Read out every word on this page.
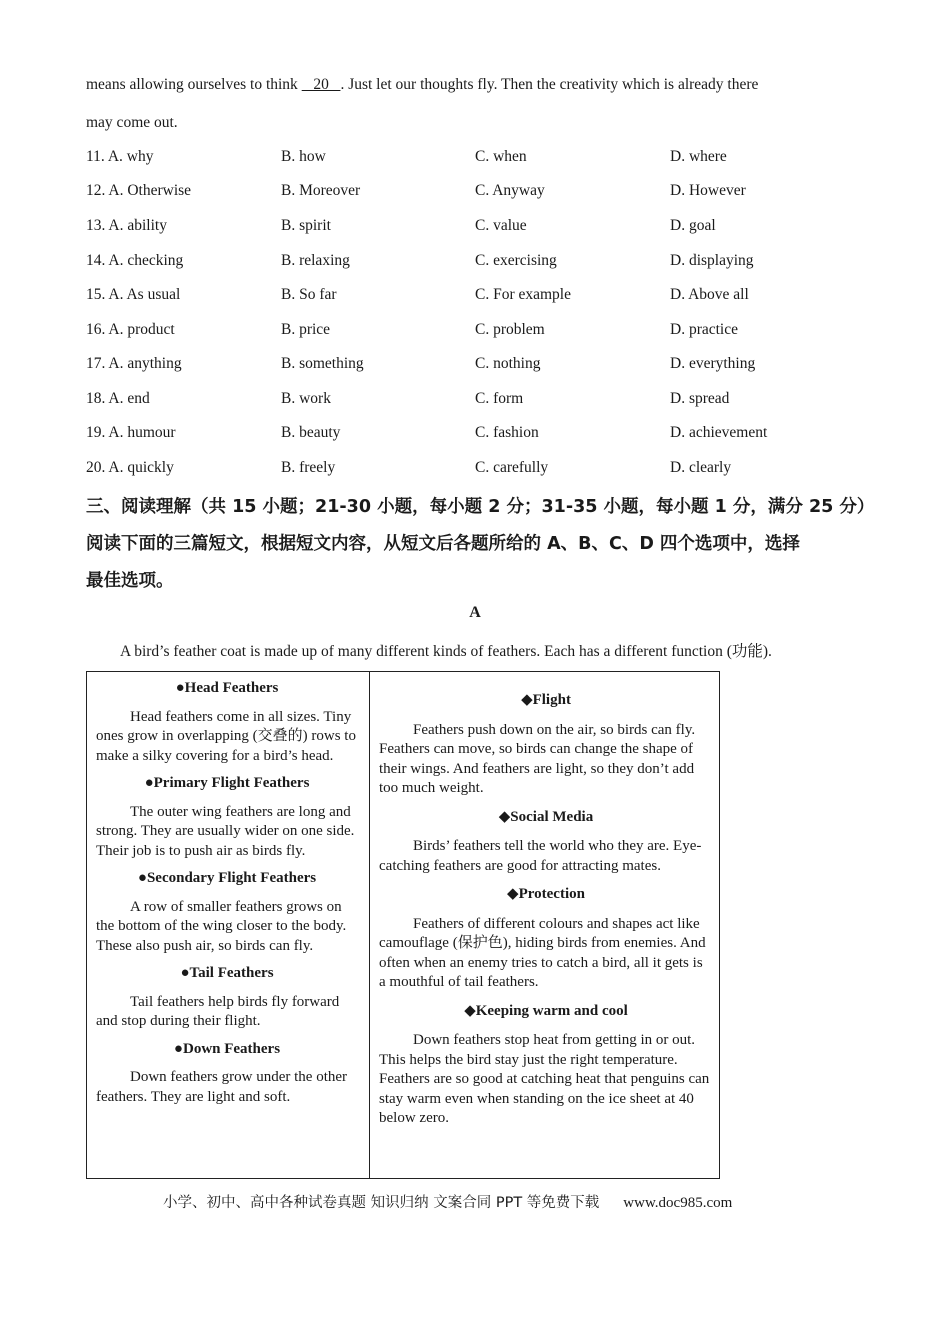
means allowing ourselves to think    20   . Just let our thoughts fly. Then the creativity which is already there
may come out.
11. A. why	B. how	C. when	D. where
12. A. Otherwise	B. Moreover	C. Anyway	D. However
13. A. ability	B. spirit	C. value	D. goal
14. A. checking	B. relaxing	C. exercising	D. displaying
15. A. As usual	B. So far	C. For example	D. Above all
16. A. product	B. price	C. problem	D. practice
17. A. anything	B. something	C. nothing	D. everything
18. A. end	B. work	C. form	D. spread
19. A. humour	B. beauty	C. fashion	D. achievement
20. A. quickly	B. freely	C. carefully	D. clearly
三、阅读理解（共 15 小题；21-30 小题，每小题 2 分；31-35 小题，每小题 1 分，满分 25 分）
阅读下面的三篇短文，根据短文内容，从短文后各题所给的 A、B、C、D 四个选项中，选择
最佳选项。
A
A bird’s feather coat is made up of many different kinds of feathers. Each has a different function (功能).
●Head Feathers
Head feathers come in all sizes. Tiny ones grow in overlapping (交叠的) rows to make a silky covering for a bird’s head.
●Primary Flight Feathers
The outer wing feathers are long and strong. They are usually wider on one side. Their job is to push air as birds fly.
●Secondary Flight Feathers
A row of smaller feathers grows on the bottom of the wing closer to the body. These also push air, so birds can fly.
●Tail Feathers
Tail feathers help birds fly forward and stop during their flight.
●Down Feathers
Down feathers grow under the other feathers. They are light and soft.
◆Flight
Feathers push down on the air, so birds can fly. Feathers can move, so birds can change the shape of their wings. And feathers are light, so they don’t add too much weight.
◆Social Media
Birds’ feathers tell the world who they are. Eye-catching feathers are good for attracting mates.
◆Protection
Feathers of different colours and shapes act like camouflage (保护色), hiding birds from enemies. And often when an enemy tries to catch a bird, all it gets is a mouthful of tail feathers.
◆Keeping warm and cool
Down feathers stop heat from getting in or out. This helps the bird stay just the right temperature. Feathers are so good at catching heat that penguins can stay warm even when standing on the ice sheet at 40 below zero.
小学、初中、高中各种试卷真题 知识归纳 文案合同 PPT 等免费下载 www.doc985.com
